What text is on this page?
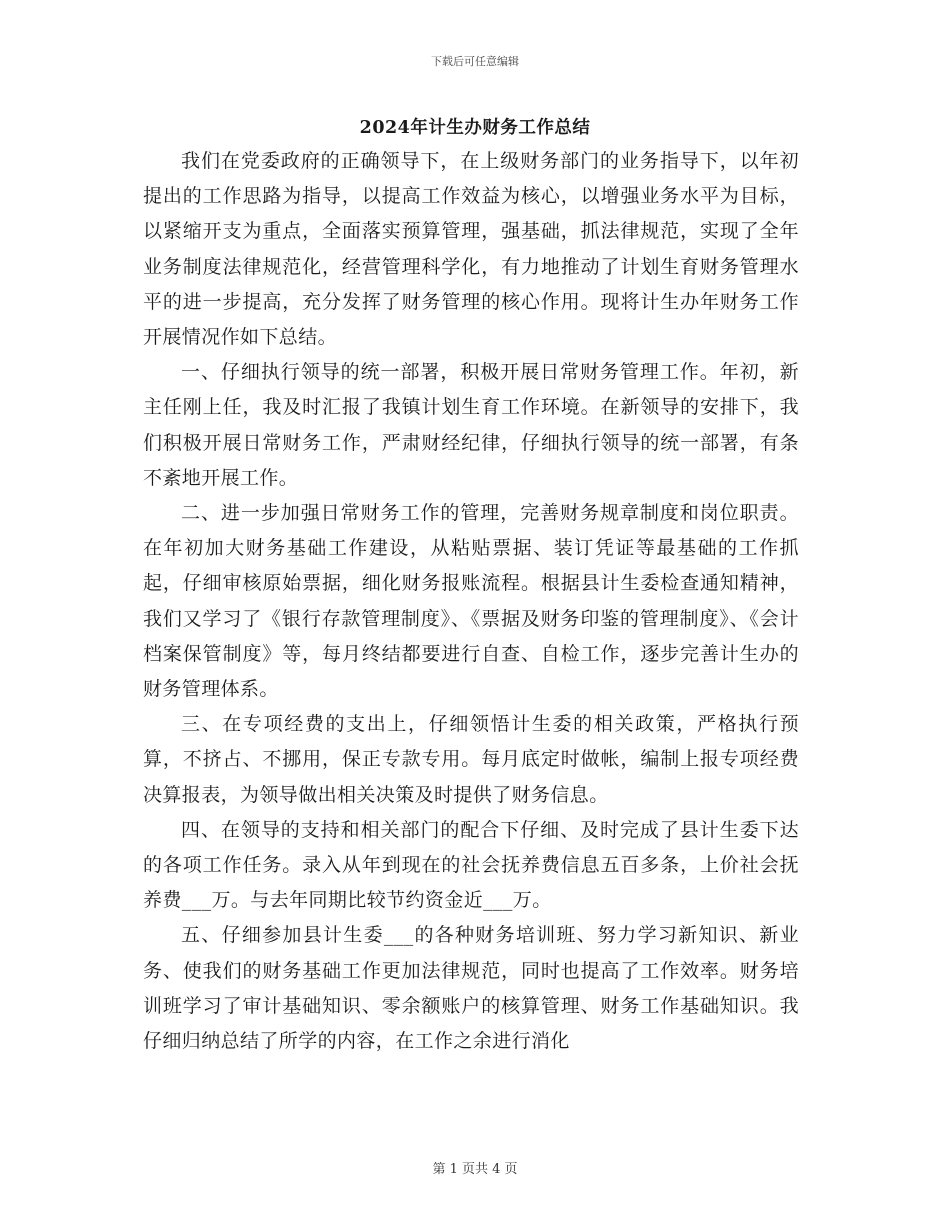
下载后可任意编辑
2024年计生办财务工作总结

我们在党委政府的正确领导下，在上级财务部门的业务指导下，以年初提出的工作思路为指导，以提高工作效益为核心，以增强业务水平为目标，以紧缩开支为重点，全面落实预算管理，强基础，抓法律规范，实现了全年业务制度法律规范化，经营管理科学化，有力地推动了计划生育财务管理水平的进一步提高，充分发挥了财务管理的核心作用。现将计生办年财务工作开展情况作如下总结。

一、仔细执行领导的统一部署，积极开展日常财务管理工作。年初，新主任刚上任，我及时汇报了我镇计划生育工作环境。在新领导的安排下，我们积极开展日常财务工作，严肃财经纪律，仔细执行领导的统一部署，有条不紊地开展工作。

二、进一步加强日常财务工作的管理，完善财务规章制度和岗位职责。在年初加大财务基础工作建设，从粘贴票据、装订凭证等最基础的工作抓起，仔细审核原始票据，细化财务报账流程。根据县计生委检查通知精神，我们又学习了《银行存款管理制度》、《票据及财务印鉴的管理制度》、《会计档案保管制度》等，每月终结都要进行自查、自检工作，逐步完善计生办的财务管理体系。

三、在专项经费的支出上，仔细领悟计生委的相关政策，严格执行预算，不挤占、不挪用，保正专款专用。每月底定时做帐，编制上报专项经费决算报表，为领导做出相关决策及时提供了财务信息。

四、在领导的支持和相关部门的配合下仔细、及时完成了县计生委下达的各项工作任务。录入从年到现在的社会抚养费信息五百多条，上价社会抚养费___万。与去年同期比较节约资金近___万。

五、仔细参加县计生委___的各种财务培训班、努力学习新知识、新业务、使我们的财务基础工作更加法律规范，同时也提高了工作效率。财务培训班学习了审计基础知识、零余额账户的核算管理、财务工作基础知识。我仔细归纳总结了所学的内容，在工作之余进行消化

第 1 页共 4 页
